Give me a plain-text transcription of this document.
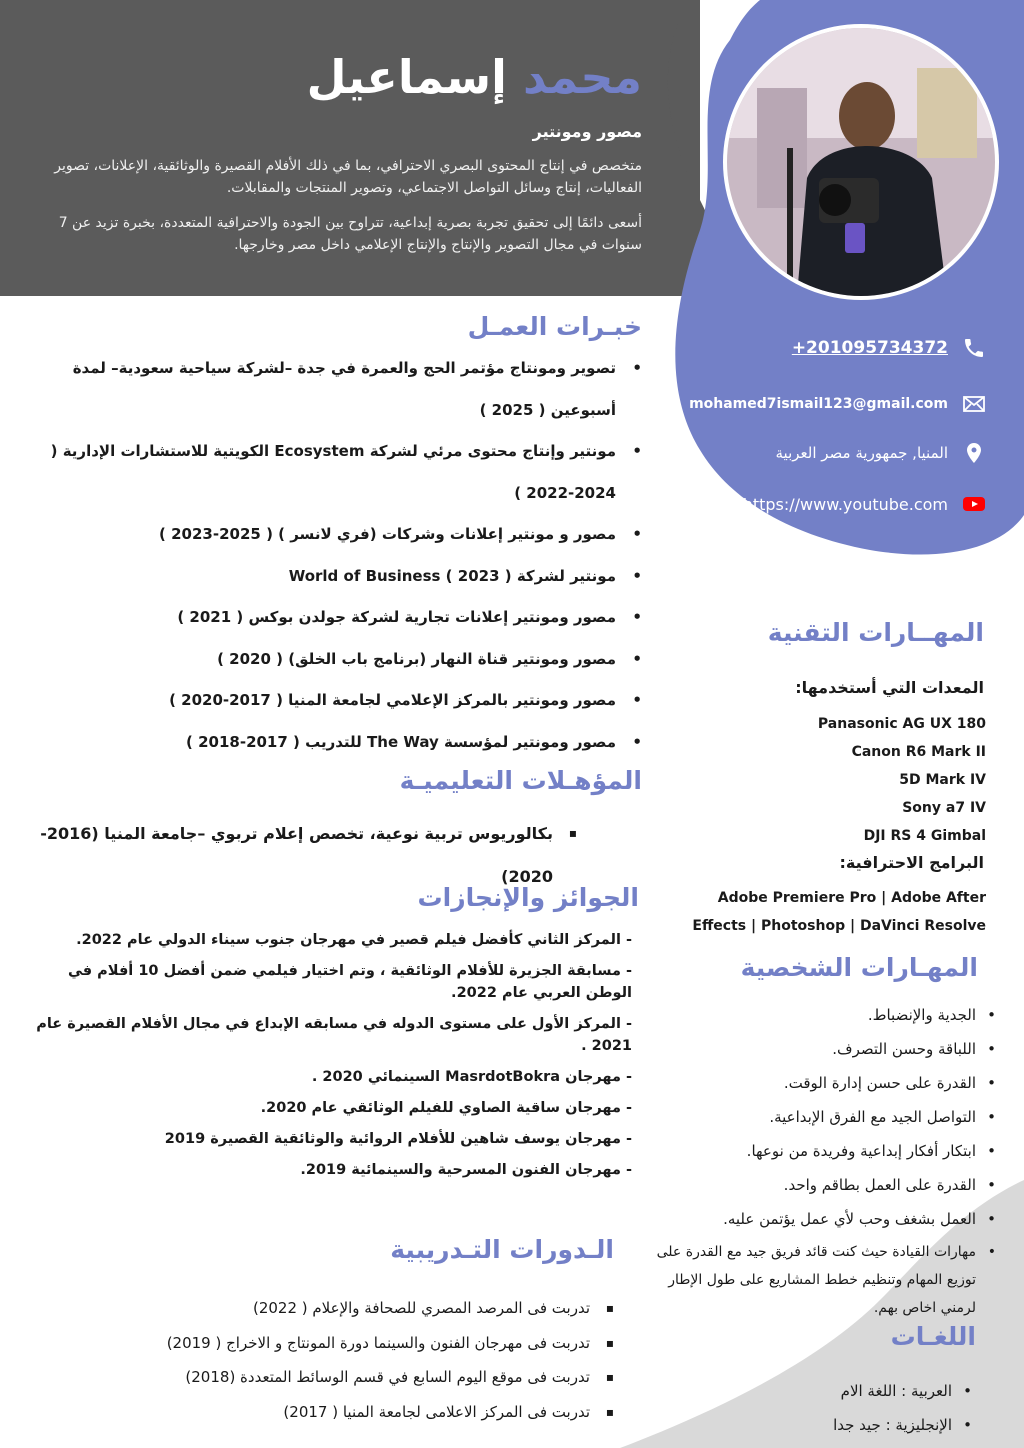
محمد إسماعيل
مصور ومونتير
متخصص في إنتاج المحتوى البصري الاحترافي، بما في ذلك الأفلام القصيرة والوثائقية، الإعلانات، تصوير الفعاليات، إنتاج وسائل التواصل الاجتماعي، وتصوير المنتجات والمقابلات.
أسعى دائمًا إلى تحقيق تجربة بصرية إبداعية، تتراوح بين الجودة والاحترافية المتعددة، بخبرة تزيد عن 7 سنوات في مجال التصوير والإنتاج والإنتاج الإعلامي داخل مصر وخارجها.
+201095734372
mohamed7ismail123@gmail.com
المنيا, جمهورية مصر العربية
https://www.youtube.com
خبـرات العمـل
• تصوير ومونتاج مؤتمر الحج والعمرة في جدة –لشركة سياحية سعودية– لمدة أسبوعين ( 2025 )
• مونتير وإنتاج محتوى مرئي لشركة Ecosystem الكويتية للاستشارات الإدارية ( 2024-2022 )
• مصور و مونتير إعلانات وشركات (فري لانسر ) ( 2025-2023 )
• مونتير لشركة World of Business ( 2023 )
• مصور ومونتير إعلانات تجارية لشركة جولدن بوكس ( 2021 )
• مصور ومونتير قناة النهار (برنامج باب الخلق) ( 2020 )
• مصور ومونتير بالمركز الإعلامي لجامعة المنيا ( 2017-2020 )
• مصور ومونتير لمؤسسة The Way للتدريب ( 2017-2018 )
المؤهـلات التعليميـة
▪ بكالوريوس تربية نوعية، تخصص إعلام تربوي –جامعة المنيا (2016-2020)
الجوائز والإنجازات
- المركز الثاني كأفضل فيلم قصير في مهرجان جنوب سيناء الدولي عام 2022.
- مسابقة الجزيرة للأفلام الوثائقية ، وتم اختيار فيلمي ضمن أفضل 10 أفلام في الوطن العربي عام 2022.
- المركز الأول على مستوى الدوله في مسابقه الإبداع في مجال الأفلام القصيرة عام 2021 .
- مهرجان MasrdotBokra السينمائي 2020 .
- مهرجان ساقية الصاوي للفيلم الوثائقي عام 2020.
- مهرجان يوسف شاهين للأفلام الروائية والوثائقية القصيرة 2019
- مهرجان الفنون المسرحية والسينمائية 2019.
الـدورات التـدريبية
▪ تدربت فى المرصد المصري للصحافة والإعلام ( 2022)
▪ تدربت فى مهرجان الفنون والسينما دورة المونتاج و الاخراج ( 2019)
▪ تدربت فى موقع اليوم السابع في قسم الوسائط المتعددة (2018)
▪ تدربت فى المركز الاعلامى لجامعة المنيا ( 2017)
المهــارات التقنية
المعدات التي أستخدمها:
Panasonic AG UX 180
Canon R6 Mark II
5D Mark IV
Sony a7 IV
DJI RS 4 Gimbal
البرامج الاحترافية:
Adobe Premiere Pro | Adobe After Effects | Photoshop | DaVinci Resolve
المهـارات الشخصية
• الجدية والإنضباط.
• اللباقة وحسن التصرف.
• القدرة على حسن إدارة الوقت.
• التواصل الجيد مع الفرق الإبداعية.
• ابتكار أفكار إبداعية وفريدة من نوعها.
• القدرة على العمل بطاقم واحد.
• العمل بشغف وحب لأي عمل يؤتمن عليه.
• مهارات القيادة حيث كنت قائد فريق جيد مع القدرة على توزيع المهام وتنظيم خطط المشاريع على طول الإطار لرمني اخاص بهم.
اللغـات
• العربية : اللغة الام
• الإنجليزية : جيد جدا
